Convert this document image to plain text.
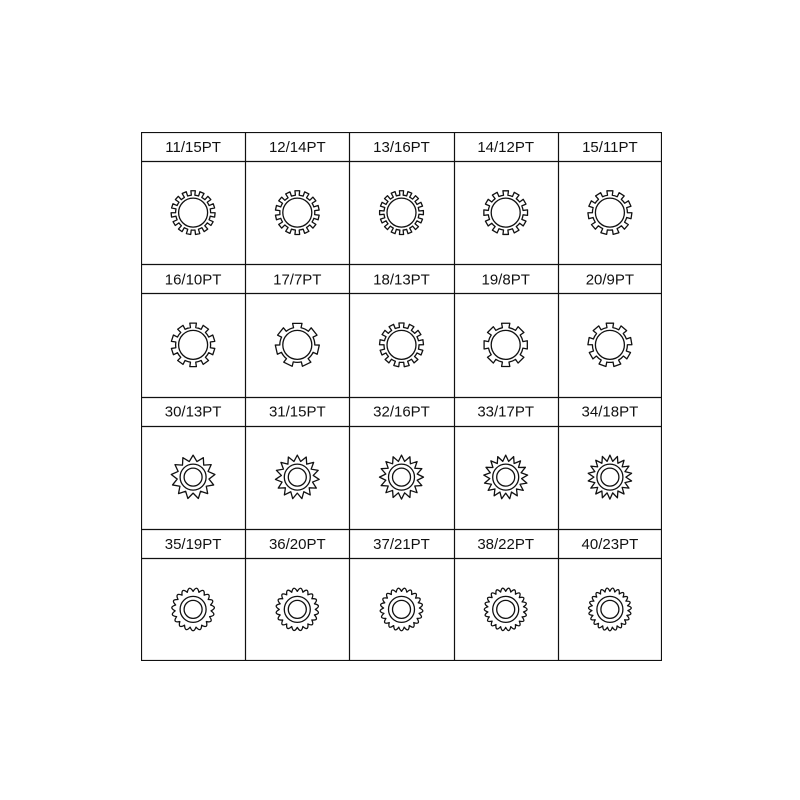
11/15PT	12/14PT	13/16PT	14/12PT	15/11PT
16/10PT	17/7PT	18/13PT	19/8PT	20/9PT
30/13PT	31/15PT	32/16PT	33/17PT	34/18PT
35/19PT	36/20PT	37/21PT	38/22PT	40/23PT
